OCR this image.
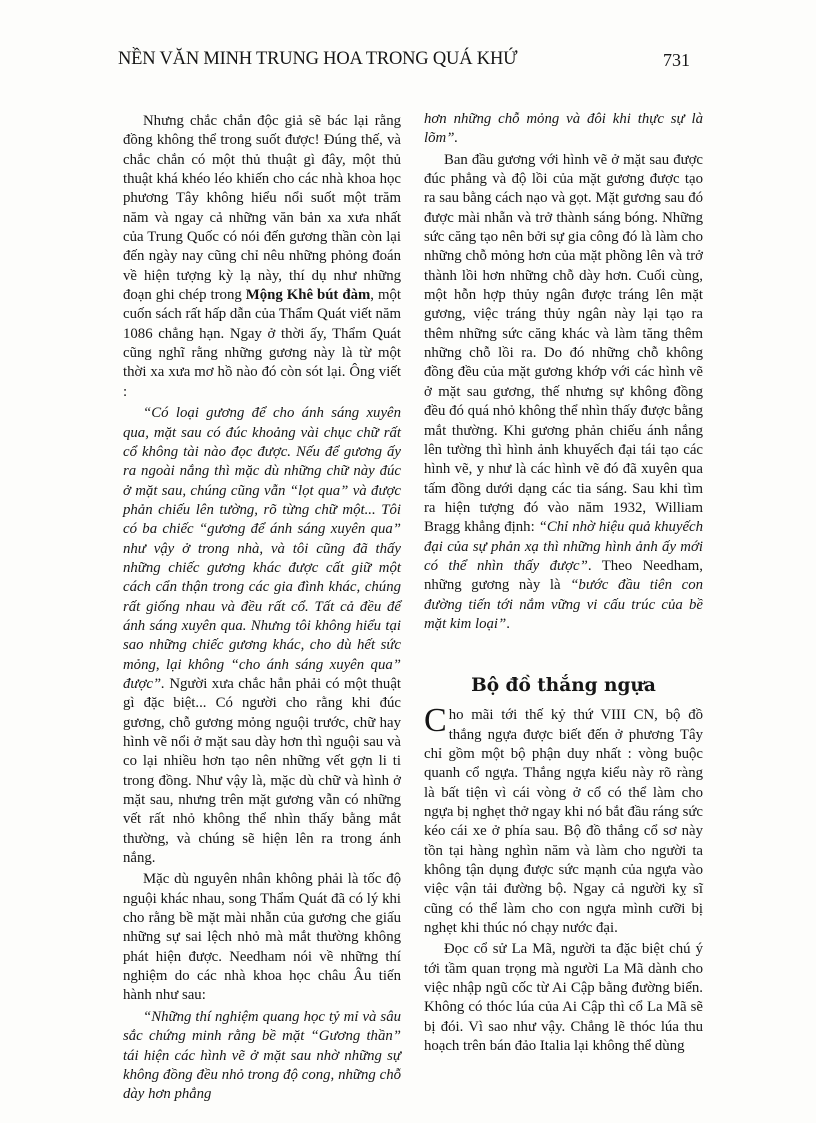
NỀN VĂN MINH TRUNG HOA TRONG QUÁ KHỨ	731

Nhưng chắc chắn độc giả sẽ bác lại rằng đồng không thể trong suốt được! Đúng thế, và chắc chắn có một thủ thuật gì đây, một thủ thuật khá khéo léo khiến cho các nhà khoa học phương Tây không hiểu nổi suốt một trăm năm và ngay cả những văn bản xa xưa nhất của Trung Quốc có nói đến gương thần còn lại đến ngày nay cũng chỉ nêu những phỏng đoán về hiện tượng kỳ lạ này, thí dụ như những đoạn ghi chép trong Mộng Khê bút đàm, một cuốn sách rất hấp dẫn của Thẩm Quát viết năm 1086 chẳng hạn. Ngay ở thời ấy, Thẩm Quát cũng nghĩ rằng những gương này là từ một thời xa xưa mơ hồ nào đó còn sót lại. Ông viết :

“Có loại gương để cho ánh sáng xuyên qua, mặt sau có đúc khoảng vài chục chữ rất cổ không tài nào đọc được. Nếu để gương ấy ra ngoài nắng thì mặc dù những chữ này đúc ở mặt sau, chúng cũng vẫn “lọt qua” và được phản chiếu lên tường, rõ từng chữ một... Tôi có ba chiếc “gương để ánh sáng xuyên qua” như vậy ở trong nhà, và tôi cũng đã thấy những chiếc gương khác được cất giữ một cách cẩn thận trong các gia đình khác, chúng rất giống nhau và đều rất cổ. Tất cả đều để ánh sáng xuyên qua. Nhưng tôi không hiểu tại sao những chiếc gương khác, cho dù hết sức mỏng, lại không “cho ánh sáng xuyên qua” được”. Người xưa chắc hẳn phải có một thuật gì đặc biệt... Có người cho rằng khi đúc gương, chỗ gương mỏng nguội trước, chữ hay hình vẽ nổi ở mặt sau dày hơn thì nguội sau và co lại nhiều hơn tạo nên những vết gợn li ti trong đồng. Như vậy là, mặc dù chữ và hình ở mặt sau, nhưng trên mặt gương vẫn có những vết rất nhỏ không thể nhìn thấy bằng mắt thường, và chúng sẽ hiện lên ra trong ánh nắng.

Mặc dù nguyên nhân không phải là tốc độ nguội khác nhau, song Thẩm Quát đã có lý khi cho rằng bề mặt mài nhẵn của gương che giấu những sự sai lệch nhỏ mà mắt thường không phát hiện được. Needham nói về những thí nghiệm do các nhà khoa học châu Âu tiến hành như sau:

“Những thí nghiệm quang học tỷ mỉ và sâu sắc chứng minh rằng bề mặt “Gương thần” tái hiện các hình vẽ ở mặt sau nhờ những sự không đồng đều nhỏ trong độ cong, những chỗ dày hơn phẳng

hơn những chỗ mỏng và đôi khi thực sự là lõm”.

Ban đầu gương với hình vẽ ở mặt sau được đúc phẳng và độ lồi của mặt gương được tạo ra sau bằng cách nạo và gọt. Mặt gương sau đó được mài nhẵn và trở thành sáng bóng. Những sức căng tạo nên bởi sự gia công đó là làm cho những chỗ mỏng hơn của mặt phồng lên và trở thành lồi hơn những chỗ dày hơn. Cuối cùng, một hỗn hợp thủy ngân được tráng lên mặt gương, việc tráng thủy ngân này lại tạo ra thêm những sức căng khác và làm tăng thêm những chỗ lồi ra. Do đó những chỗ không đồng đều của mặt gương khớp với các hình vẽ ở mặt sau gương, thế nhưng sự không đồng đều đó quá nhỏ không thể nhìn thấy được bằng mắt thường. Khi gương phản chiếu ánh nắng lên tường thì hình ảnh khuyếch đại tái tạo các hình vẽ, y như là các hình vẽ đó đã xuyên qua tấm đồng dưới dạng các tia sáng. Sau khi tìm ra hiện tượng đó vào năm 1932, William Bragg khẳng định: “Chỉ nhờ hiệu quả khuyếch đại của sự phản xạ thì những hình ảnh ấy mới có thể nhìn thấy được”. Theo Needham, những gương này là “bước đầu tiên con đường tiến tới nắm vững vi cấu trúc của bề mặt kim loại”.

Bộ đồ thắng ngựa

Cho mãi tới thế kỷ thứ VIII CN, bộ đồ thắng ngựa được biết đến ở phương Tây chỉ gồm một bộ phận duy nhất : vòng buộc quanh cổ ngựa. Thắng ngựa kiểu này rõ ràng là bất tiện vì cái vòng ở cổ có thể làm cho ngựa bị nghẹt thở ngay khi nó bắt đầu ráng sức kéo cái xe ở phía sau. Bộ đồ thắng cổ sơ này tồn tại hàng nghìn năm và làm cho người ta không tận dụng được sức mạnh của ngựa vào việc vận tải đường bộ. Ngay cả người kỵ sĩ cũng có thể làm cho con ngựa mình cưỡi bị nghẹt khi thúc nó chạy nước đại.

Đọc cổ sử La Mã, người ta đặc biệt chú ý tới tầm quan trọng mà người La Mã dành cho việc nhập ngũ cốc từ Ai Cập bằng đường biển. Không có thóc lúa của Ai Cập thì cổ La Mã sẽ bị đói. Vì sao như vậy. Chẳng lẽ thóc lúa thu hoạch trên bán đảo Italia lại không thể dùng
